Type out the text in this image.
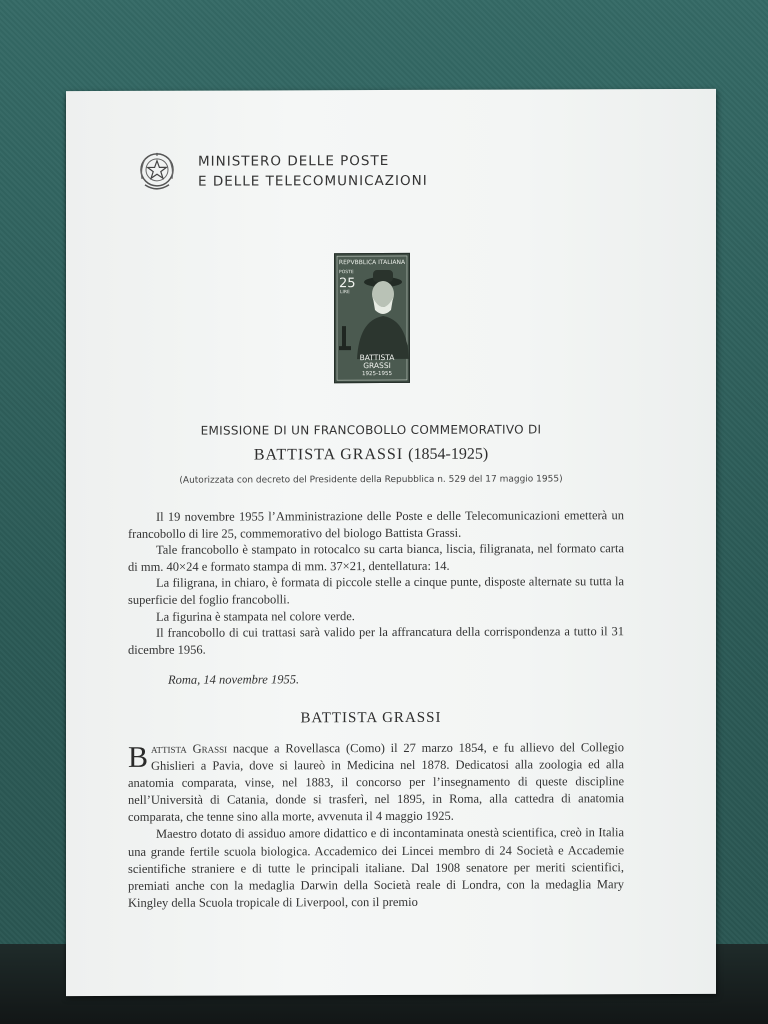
MINISTERO DELLE POSTE
E DELLE TELECOMUNICAZIONI
REPVBBLICA ITALIANA
POSTE
25
LIRE
BATTISTA
GRASSI
1925-1955
EMISSIONE DI UN FRANCOBOLLO COMMEMORATIVO DI
BATTISTA GRASSI (1854-1925)
(Autorizzata con decreto del Presidente della Repubblica n. 529 del 17 maggio 1955)

Il 19 novembre 1955 l’Amministrazione delle Poste e delle Telecomunicazioni emetterà un francobollo di lire 25, commemorativo del biologo Battista Grassi.

Tale francobollo è stampato in rotocalco su carta bianca, liscia, filigranata, nel formato carta di mm. 40×24 e formato stampa di mm. 37×21, dentellatura: 14.

La filigrana, in chiaro, è formata di piccole stelle a cinque punte, disposte alternate su tutta la superficie del foglio francobolli.

La figurina è stampata nel colore verde.

Il francobollo di cui trattasi sarà valido per la affrancatura della corrispondenza a tutto il 31 dicembre 1956.

Roma, 14 novembre 1955.
BATTISTA GRASSI

Battista Grassi nacque a Rovellasca (Como) il 27 marzo 1854, e fu allievo del Collegio Ghislieri a Pavia, dove si laureò in Medicina nel 1878. Dedicatosi alla zoologia ed alla anatomia comparata, vinse, nel 1883, il concorso per l’insegnamento di queste discipline nell’Università di Catania, donde si trasferì, nel 1895, in Roma, alla cattedra di anatomia comparata, che tenne sino alla morte, avvenuta il 4 maggio 1925.

Maestro dotato di assiduo amore didattico e di incontaminata onestà scientifica, creò in Italia una grande fertile scuola biologica. Accademico dei Lincei membro di 24 Società e Accademie scientifiche straniere e di tutte le principali italiane. Dal 1908 senatore per meriti scientifici, premiati anche con la medaglia Darwin della Società reale di Londra, con la medaglia Mary Kingley della Scuola tropicale di Liverpool, con il premio
